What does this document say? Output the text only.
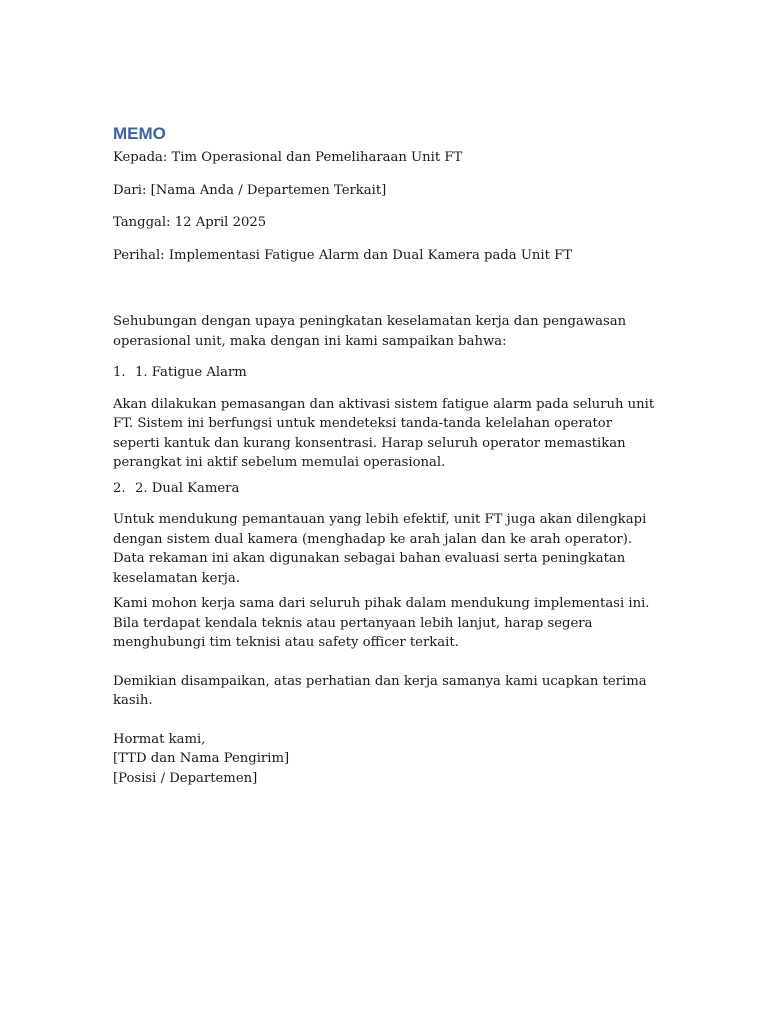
MEMO

Kepada: Tim Operasional dan Pemeliharaan Unit FT

Dari: [Nama Anda / Departemen Terkait]

Tanggal: 12 April 2025

Perihal: Implementasi Fatigue Alarm dan Dual Kamera pada Unit FT

Sehubungan dengan upaya peningkatan keselamatan kerja dan pengawasan operasional unit, maka dengan ini kami sampaikan bahwa:

1. 1. Fatigue Alarm

Akan dilakukan pemasangan dan aktivasi sistem fatigue alarm pada seluruh unit FT. Sistem ini berfungsi untuk mendeteksi tanda-tanda kelelahan operator seperti kantuk dan kurang konsentrasi. Harap seluruh operator memastikan perangkat ini aktif sebelum memulai operasional.

2. 2. Dual Kamera

Untuk mendukung pemantauan yang lebih efektif, unit FT juga akan dilengkapi dengan sistem dual kamera (menghadap ke arah jalan dan ke arah operator). Data rekaman ini akan digunakan sebagai bahan evaluasi serta peningkatan keselamatan kerja.

Kami mohon kerja sama dari seluruh pihak dalam mendukung implementasi ini. Bila terdapat kendala teknis atau pertanyaan lebih lanjut, harap segera menghubungi tim teknisi atau safety officer terkait.

Demikian disampaikan, atas perhatian dan kerja samanya kami ucapkan terima kasih.

Hormat kami,

[TTD dan Nama Pengirim]

[Posisi / Departemen]
